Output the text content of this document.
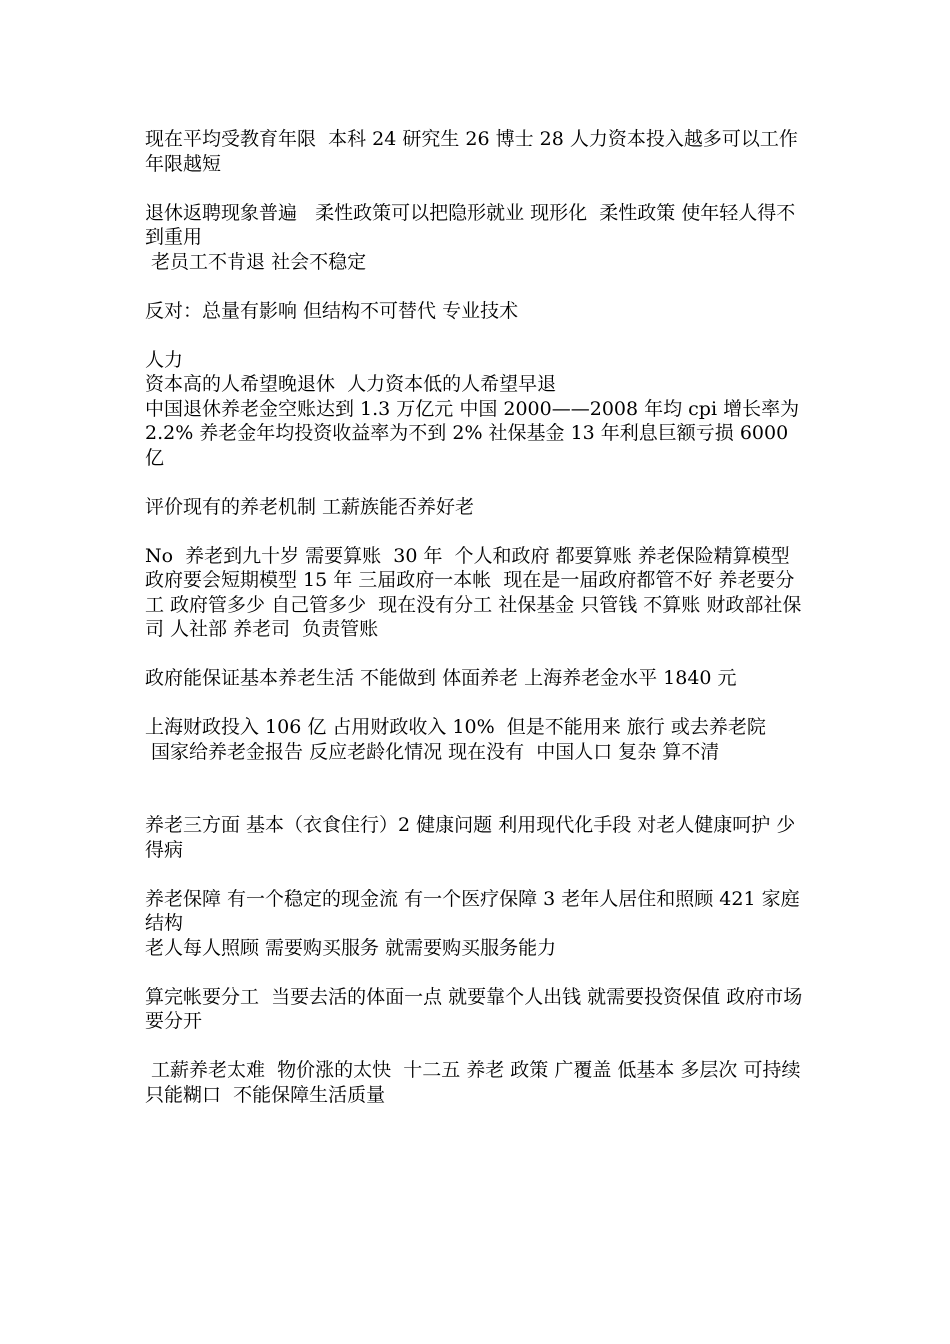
现在平均受教育年限  本科 24 研究生 26 博士 28 人力资本投入越多可以工作年限越短

退休返聘现象普遍   柔性政策可以把隐形就业 现形化  柔性政策 使年轻人得不到重用

老员工不肯退 社会不稳定

反对：总量有影响 但结构不可替代 专业技术

人力

资本高的人希望晚退休  人力资本低的人希望早退

中国退休养老金空账达到 1.3 万亿元 中国 2000——2008 年均 cpi 增长率为 2.2% 养老金年均投资收益率为不到 2% 社保基金 13 年利息巨额亏损 6000 亿

评价现有的养老机制 工薪族能否养好老

No  养老到九十岁 需要算账  30 年  个人和政府 都要算账 养老保险精算模型 政府要会短期模型 15 年 三届政府一本帐  现在是一届政府都管不好 养老要分工 政府管多少 自己管多少  现在没有分工 社保基金 只管钱 不算账 财政部社保司 人社部 养老司  负责管账

政府能保证基本养老生活 不能做到 体面养老 上海养老金水平 1840 元

上海财政投入 106 亿 占用财政收入 10%  但是不能用来 旅行 或去养老院

国家给养老金报告 反应老龄化情况 现在没有  中国人口 复杂 算不清

养老三方面 基本（衣食住行）2 健康问题 利用现代化手段 对老人健康呵护 少得病

养老保障 有一个稳定的现金流 有一个医疗保障 3 老年人居住和照顾 421 家庭结构

老人每人照顾 需要购买服务 就需要购买服务能力

算完帐要分工  当要去活的体面一点 就要靠个人出钱 就需要投资保值 政府市场要分开

工薪养老太难  物价涨的太快  十二五 养老 政策 广覆盖 低基本 多层次 可持续 只能糊口  不能保障生活质量
